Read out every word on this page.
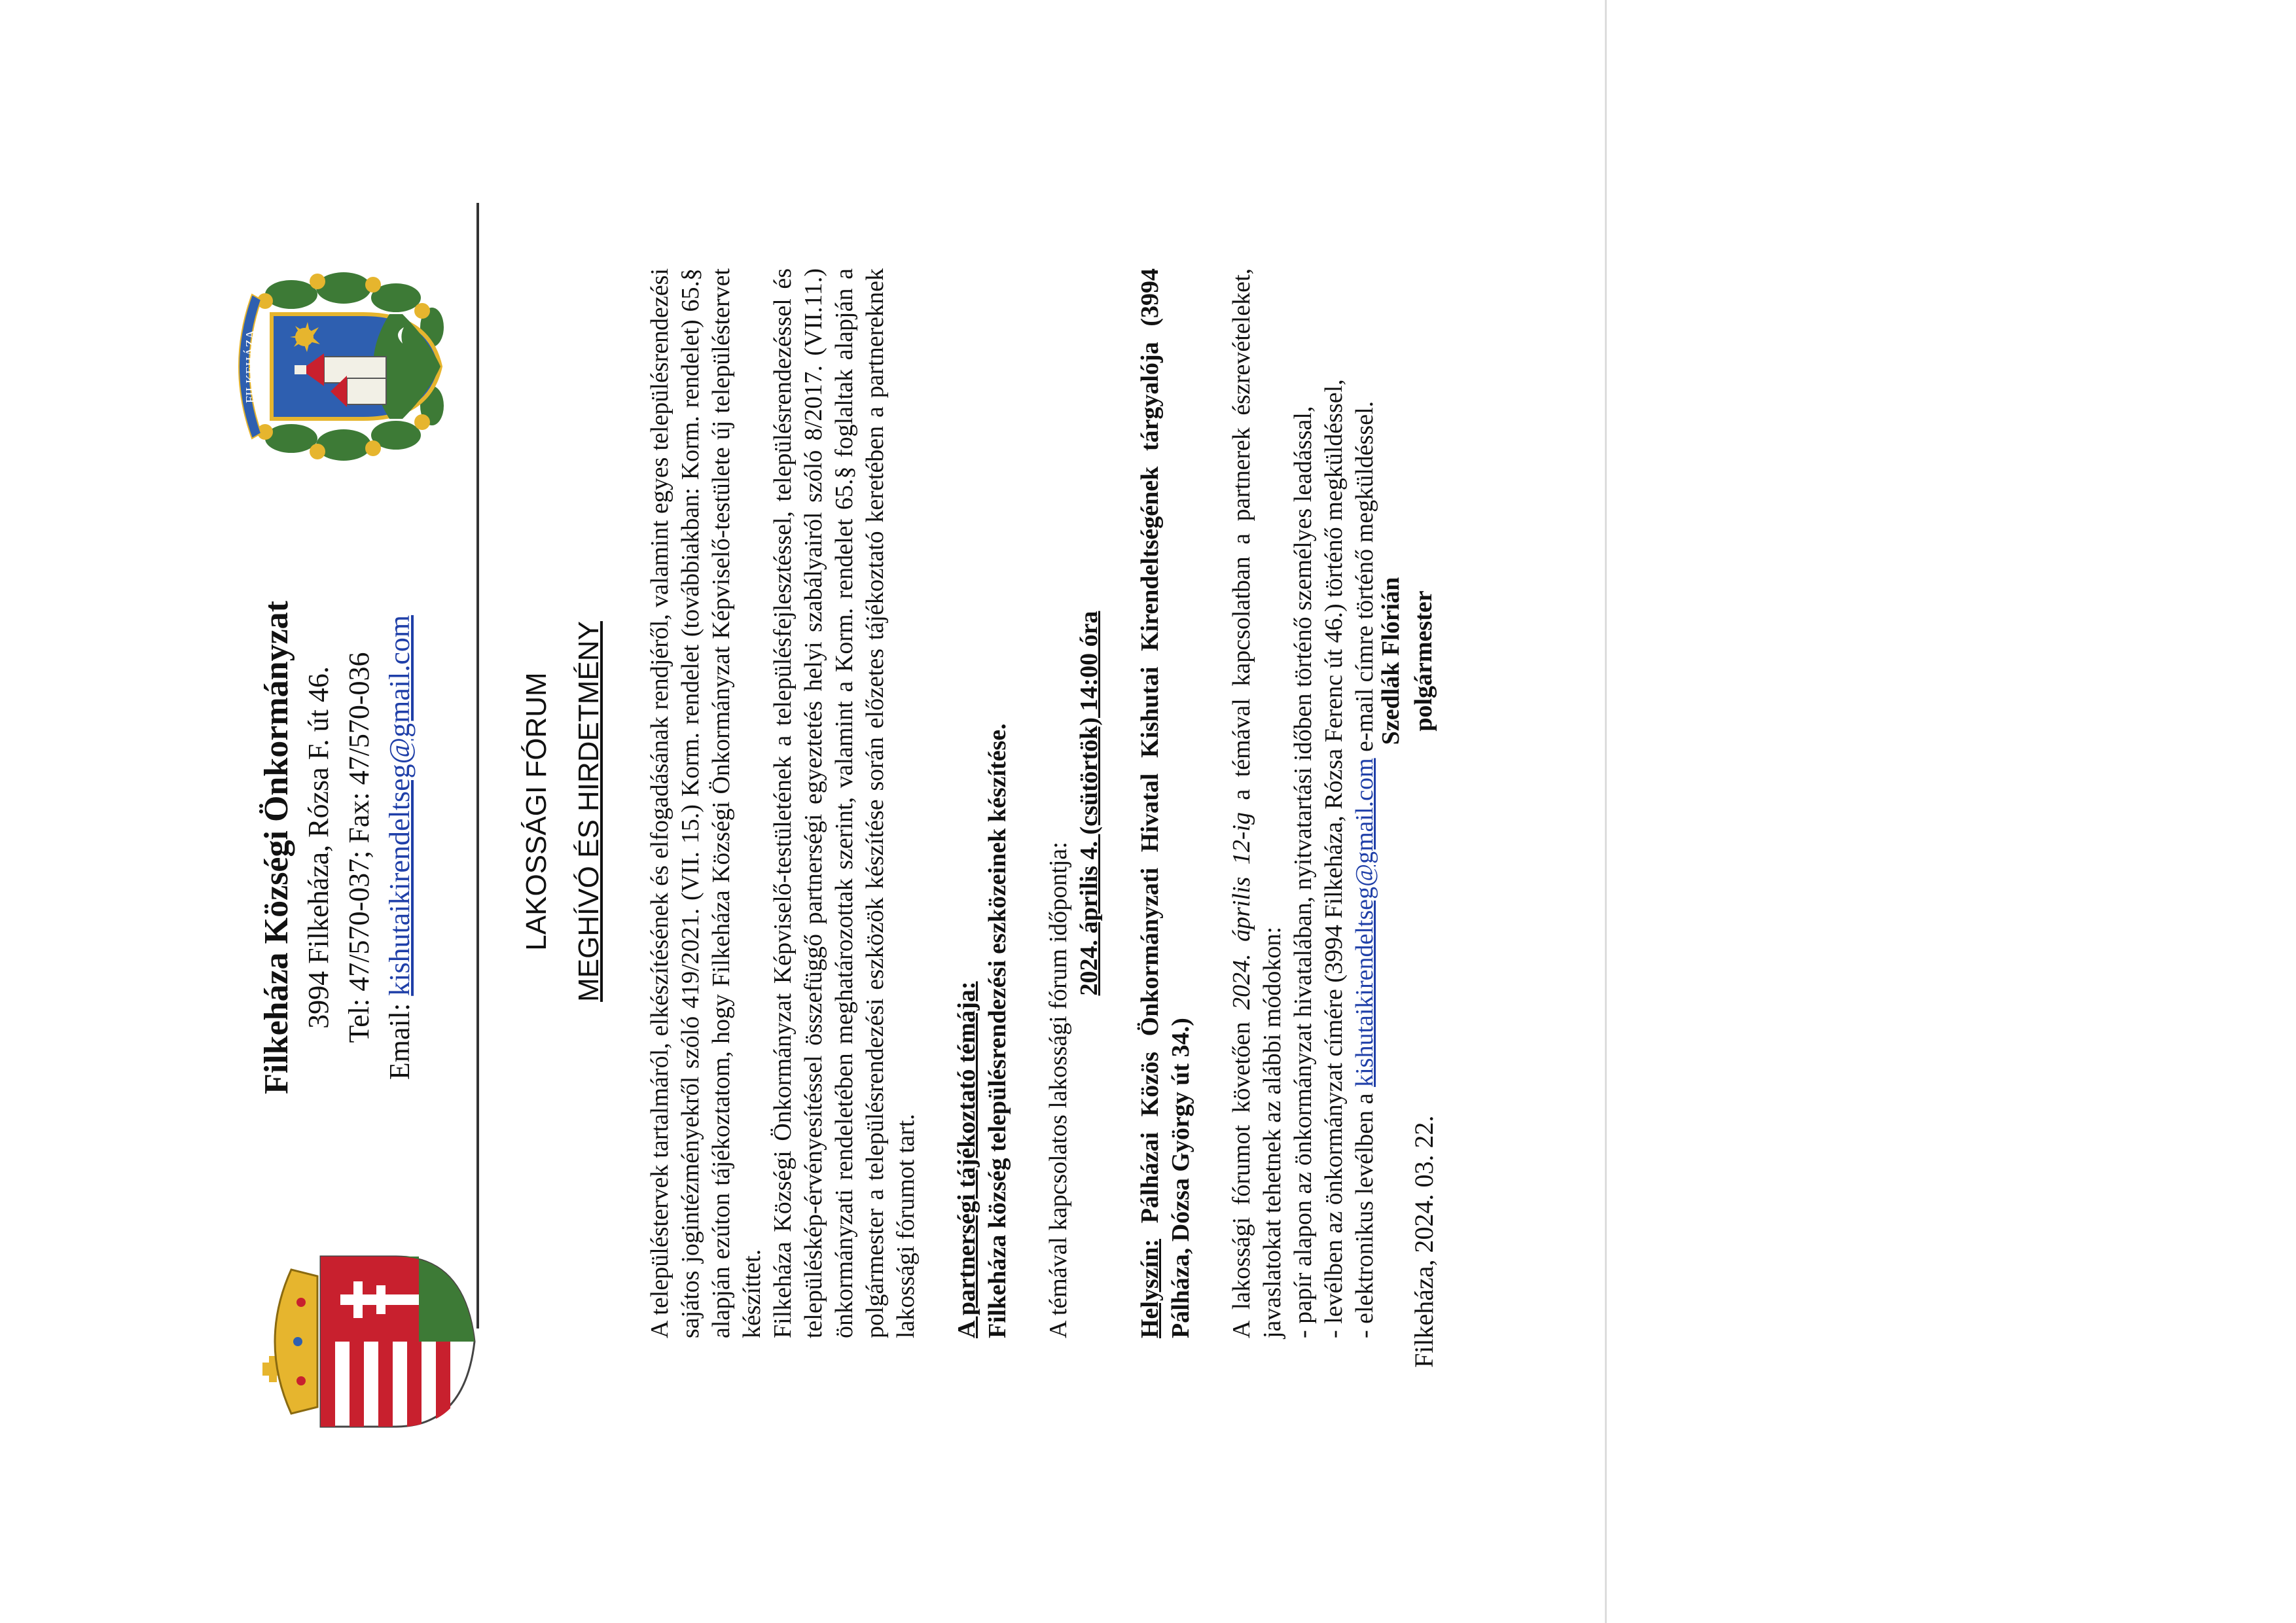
FILKEHÁZA
Filkeháza Községi Önkormányzat 3994 Filkeháza, Rózsa F. út 46. Tel: 47/570-037; Fax: 47/570-036 Email: kishutaikirendeltseg@gmail.com	LAKOSSÁGI FÓRUM MEGHÍVÓ ÉS HIRDETMÉNY A településtervek tartalmáról, elkészítésének és elfogadásának rendjéről, valamint egyes településrendezési sajátos jogintézményekről szóló 419/2021. (VII. 15.) Korm. rendelet (továbbiakban: Korm. rendelet) 65.§ alapján ezúton tájékoztatom, hogy Filkeháza Községi Önkormányzat Képviselő-testülete új településtervet készíttet. Filkeháza Községi Önkormányzat Képviselő-testületének a településfejlesztéssel, településrendezéssel és településkép-érvényesítéssel összefüggő partnerségi egyeztetés helyi szabályairól szóló 8/2017. (VII.11.) önkormányzati rendeletében meghatározottak szerint, valamint a Korm. rendelet 65.§ foglaltak alapján a polgármester a településrendezési eszközök készítése során előzetes tájékoztató keretében a partnereknek lakossági fórumot tart. A partnerségi tájékoztató témája: Filkeháza község településrendezési eszközeinek készítése. A témával kapcsolatos lakossági fórum időpontja:

2024. április 4. (csütörtök) 14:00 óra

Helyszín: Pálházai Közös Önkormányzati Hivatal Kishutai Kirendeltségének tárgyalója (3994 Pálháza, Dózsa György út 34.) A lakossági fórumot követően 2024. április 12-ig a témával kapcsolatban a partnerek észrevételeket, javaslatokat tehetnek az alábbi módokon: - papír alapon az önkormányzat hivatalában, nyitvatartási időben történő személyes leadással, - levélben az önkormányzat címére (3994 Filkeháza, Rózsa Ferenc út 46.) történő megküldéssel, - elektronikus levélben a kishutaikirendeltseg@gmail.com e-mail címre történő megküldéssel.

Szedlák Flórián polgármester
Filkeháza, 2024. 03. 22.
